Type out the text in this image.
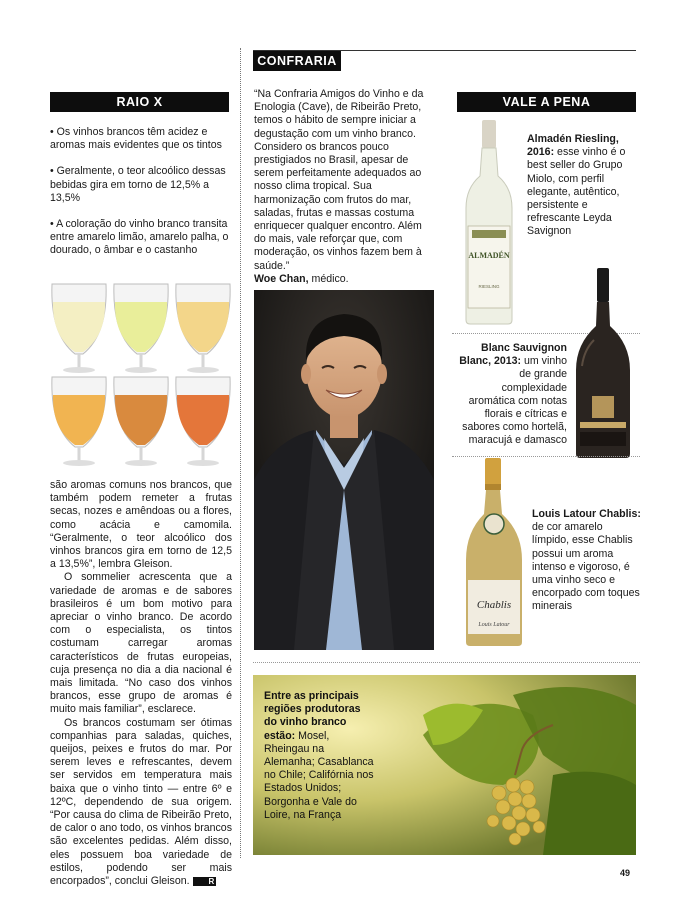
RAIO X

• Os vinhos brancos têm acidez e aromas mais evidentes que os tintos

• Geralmente, o teor alcoólico dessas bebidas gira em torno de 12,5% a 13,5%

• A coloração do vinho branco transita entre amarelo limão, amarelo palha, o dourado, o âmbar e o castanho

são aromas comuns nos brancos, que também podem remeter a frutas secas, nozes e amêndoas ou a flores, como acácia e camomila. “Geralmente, o teor alcoólico dos vinhos brancos gira em torno de 12,5 a 13,5%”, lembra Gleison.

O sommelier acrescenta que a variedade de aromas e de sabores brasileiros é um bom motivo para apreciar o vinho branco. De acordo com o especialista, os tintos costumam carregar aromas característicos de frutas europeias, cuja presença no dia a dia nacional é mais limitada. “No caso dos vinhos brancos, esse grupo de aromas é muito mais familiar”, esclarece.

Os brancos costumam ser ótimas companhias para saladas, quiches, queijos, peixes e frutos do mar. Por serem leves e refrescantes, devem ser servidos em temperatura mais baixa que o vinho tinto — entre 6º e 12ºC, dependendo de sua origem. “Por causa do clima de Ribeirão Preto, de calor o ano todo, os vinhos brancos são excelentes pedidas. Além disso, eles possuem boa variedade de estilos, podendo ser mais encorpados”, conclui Gleison. R

CONFRARIA

“Na Confraria Amigos do Vinho e da Enologia (Cave), de Ribeirão Preto, temos o hábito de sempre iniciar a degustação com um vinho branco. Considero os brancos pouco prestigiados no Brasil, apesar de serem perfeitamente adequados ao nosso clima tropical. Sua harmonização com frutos do mar, saladas, frutas e massas costuma enriquecer qualquer encontro. Além do mais, vale reforçar que, com moderação, os vinhos fazem bem à saúde.”
Woe Chan, médico.

VALE A PENA
ALMADÉN
RIESLING

Almadén Riesling, 2016: esse vinho é o best seller do Grupo Miolo, com perfil elegante, autêntico, persistente e refrescante Leyda Savignon

Blanc Sauvignon Blanc, 2013: um vinho de grande complexidade aromática com notas florais e cítricas e sabores como hortelã, maracujá e damasco

Chablis
Louis Latour

Louis Latour Chablis: de cor amarelo límpido, esse Chablis possui um aroma intenso e vigoroso, é uma vinho seco e encorpado com toques minerais

Entre as principais regiões produtoras do vinho branco estão: Mosel, Rheingau na Alemanha; Casablanca no Chile; Califórnia nos Estados Unidos; Borgonha e Vale do Loire, na França

49
